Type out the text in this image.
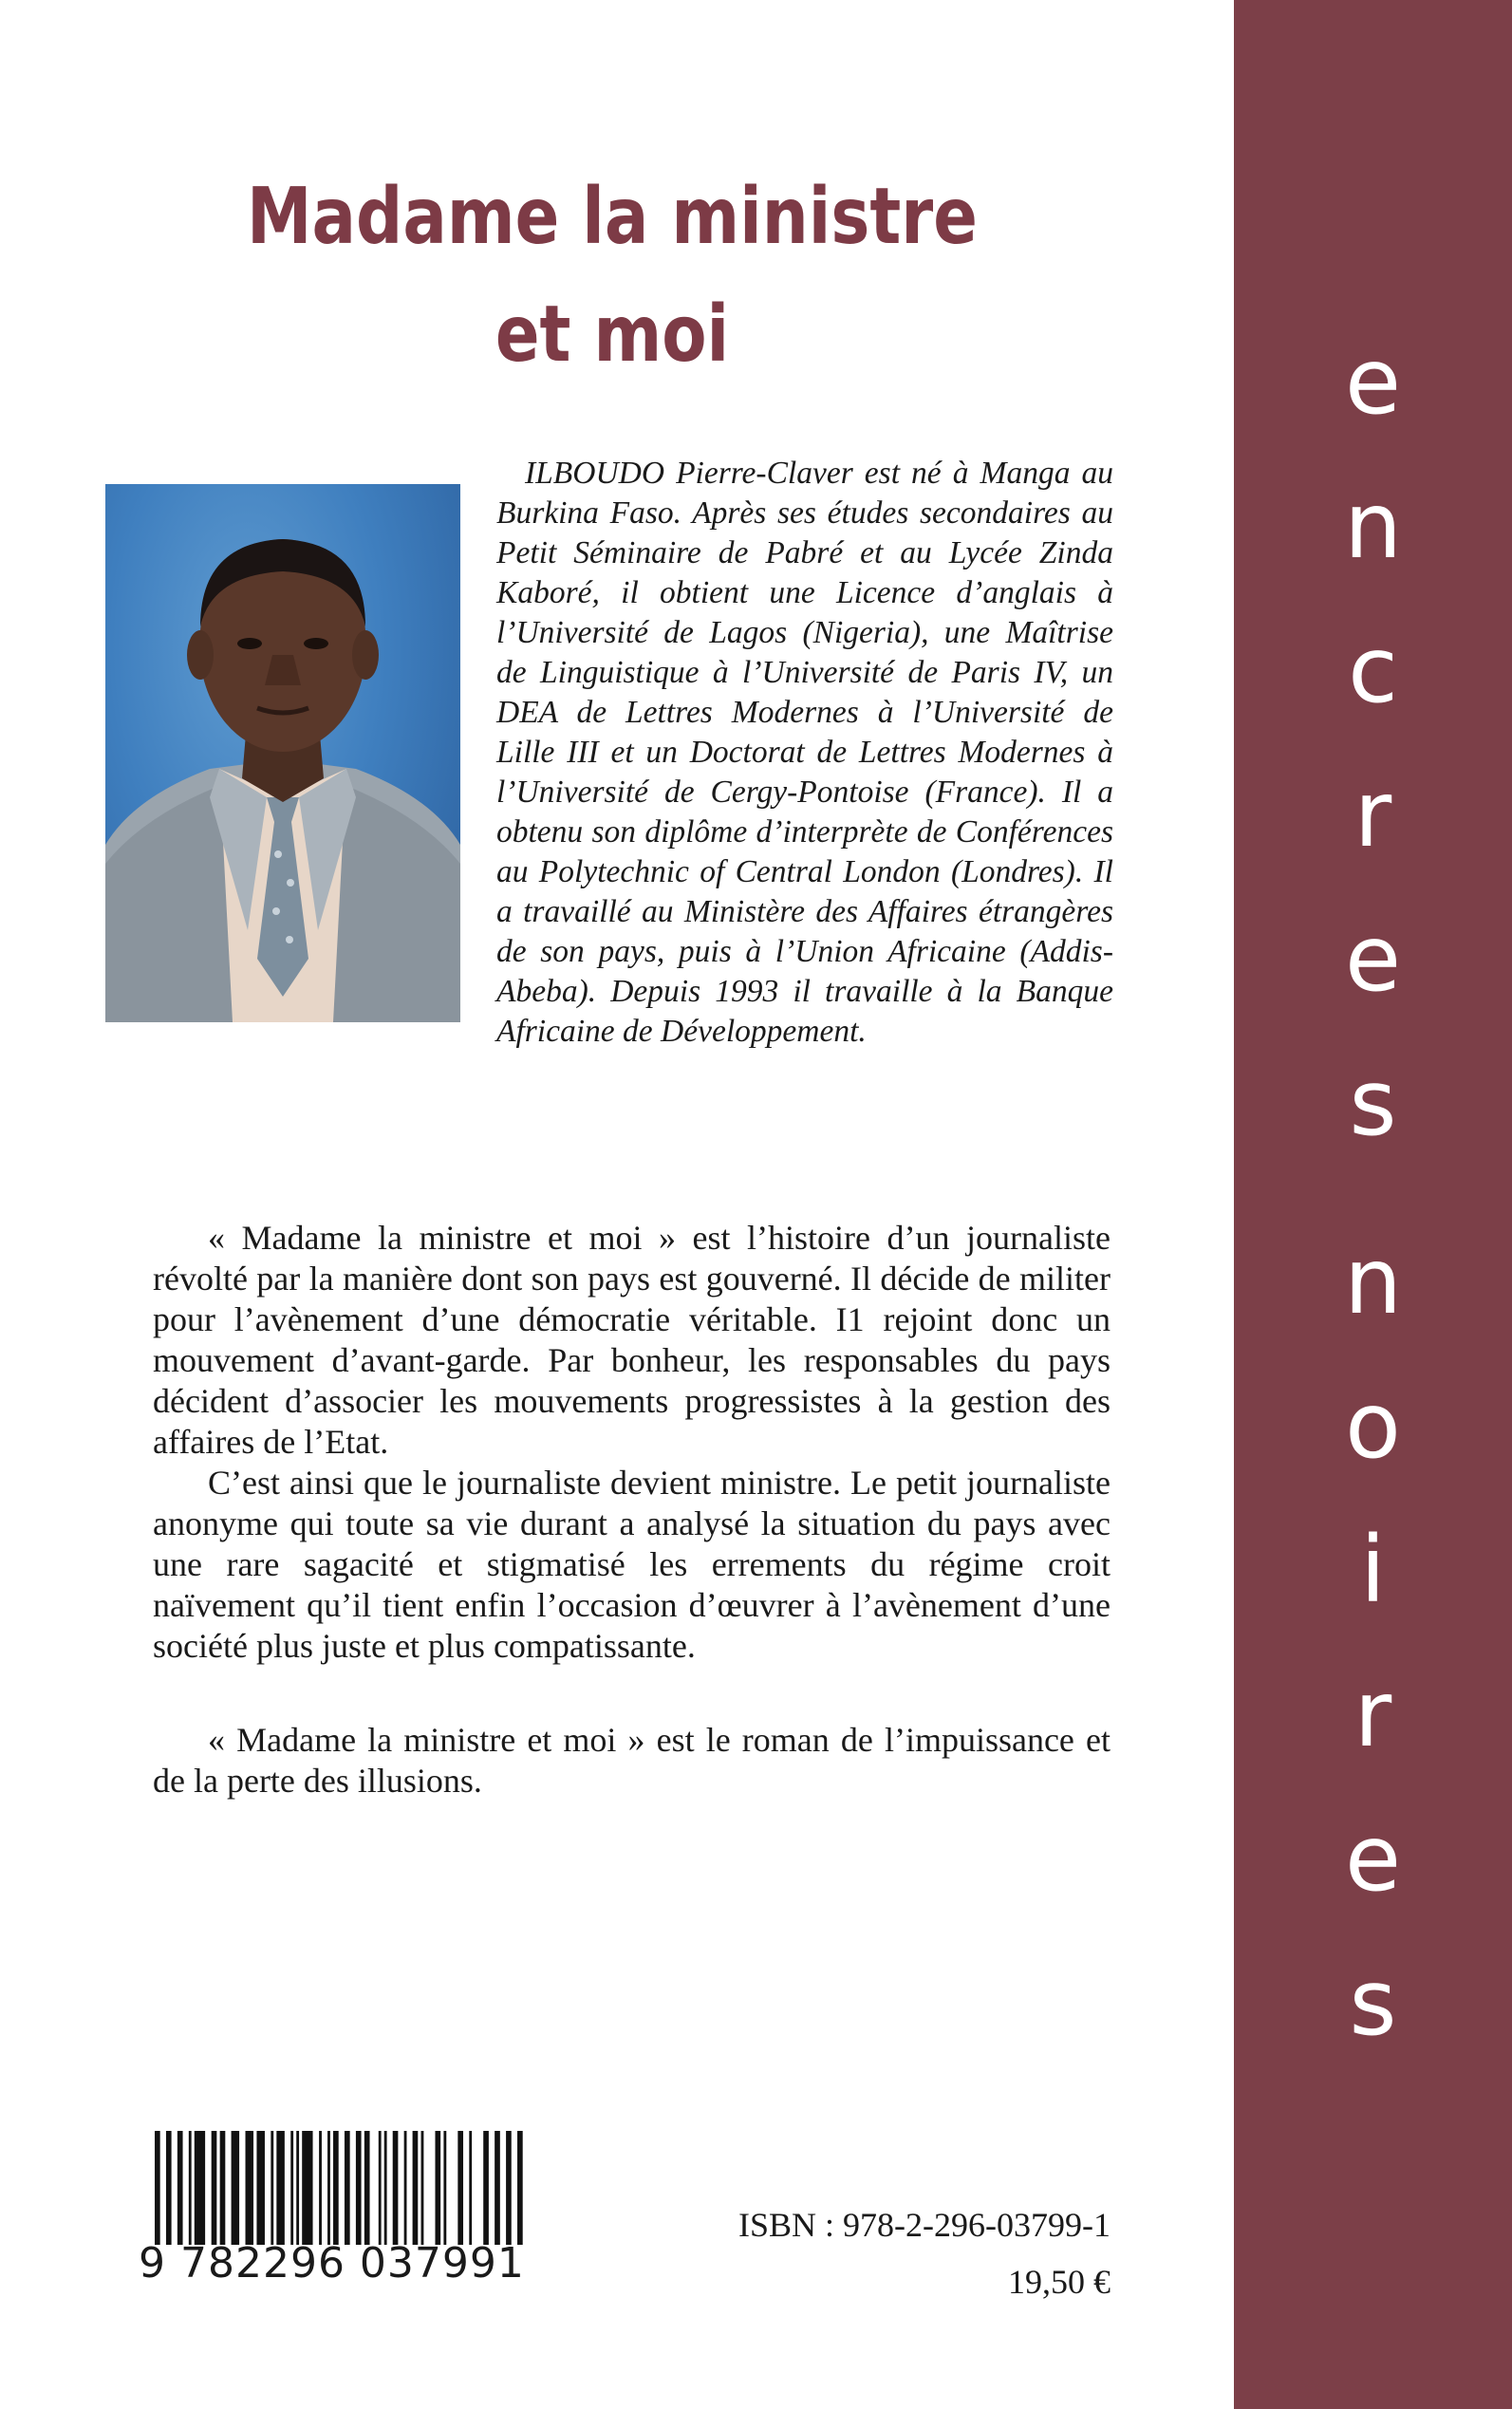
Madame la ministre
et moi

ILBOUDO Pierre-Claver est né à Manga au Burkina Faso. Après ses études secondaires au Petit Séminaire de Pabré et au Lycée Zinda Kaboré, il obtient une Licence d’anglais à l’Université de Lagos (Nigeria), une Maîtrise de Linguistique à l’Université de Paris IV, un DEA de Lettres Modernes à l’Université de Lille III et un Doctorat de Lettres Modernes à l’Université de Cergy-Pontoise (France). Il a obtenu son diplôme d’interprète de Conférences au Polytechnic of Central London (Londres). Il a travaillé au Ministère des Affaires étrangères de son pays, puis à l’Union Africaine (Addis-Abeba). Depuis 1993 il travaille à la Banque Africaine de Développement.

« Madame la ministre et moi » est l’histoire d’un journaliste révolté par la manière dont son pays est gouverné. Il décide de militer pour l’avènement d’une démocratie véritable. I1 rejoint donc un mouvement d’avant-garde. Par bonheur, les responsables du pays décident d’associer les mouvements progressistes à la gestion des affaires de l’Etat.

C’est ainsi que le journaliste devient ministre. Le petit journaliste anonyme qui toute sa vie durant a analysé la situation du pays avec une rare sagacité et stigmatisé les errements du régime croit naïvement qu’il tient enfin l’occasion d’œuvrer à l’avènement d’une société plus juste et plus compatissante.

« Madame la ministre et moi » est le roman de l’impuissance et de la perte des illusions.

9 782296 037991
ISBN : 978-2-296-03799-1
19,50 €
e
n
c
r
e
s
n
o
i
r
e
s
